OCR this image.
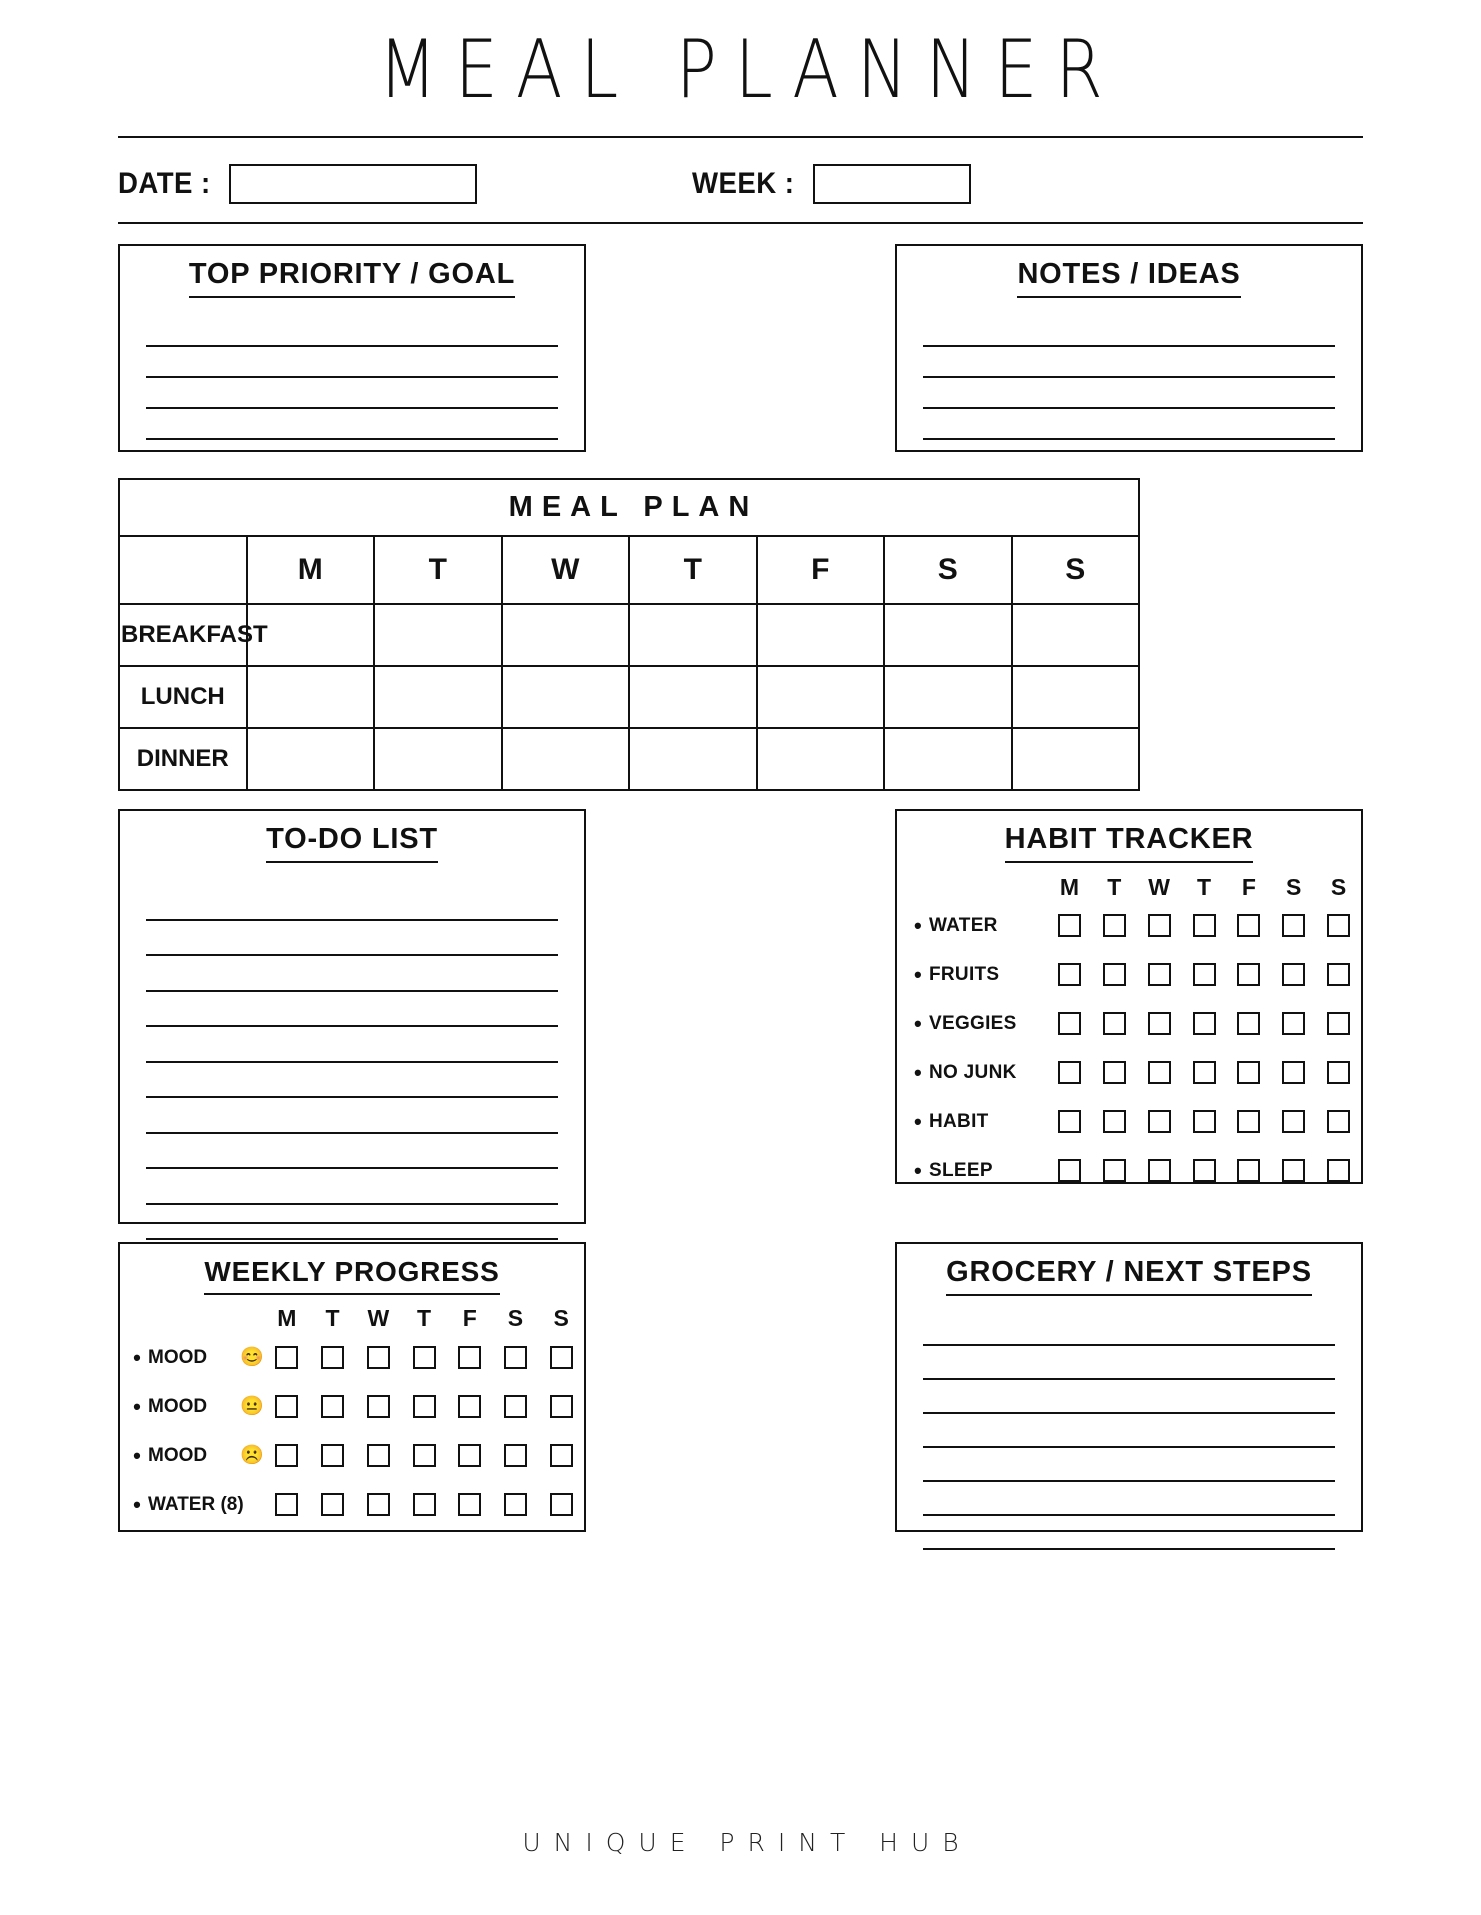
MEAL PLANNER
DATE :	WEEK :
TOP PRIORITY / GOAL	NOTES / IDEAS
MEAL PLAN							
	M	T	W	T	F	S	S
BREAKFAST							
LUNCH							
DINNER							
TO-DO LIST	HABIT TRACKER
M T W T F S S
• WATER
• FRUITS
• VEGGIES
• NO JUNK
• HABIT
• SLEEP
WEEKLY PROGRESS
M T W T F S S
• MOOD	😊
• MOOD	😐
• MOOD	☹️
• WATER (8)
GROCERY / NEXT STEPS
UNIQUE PRINT HUB
